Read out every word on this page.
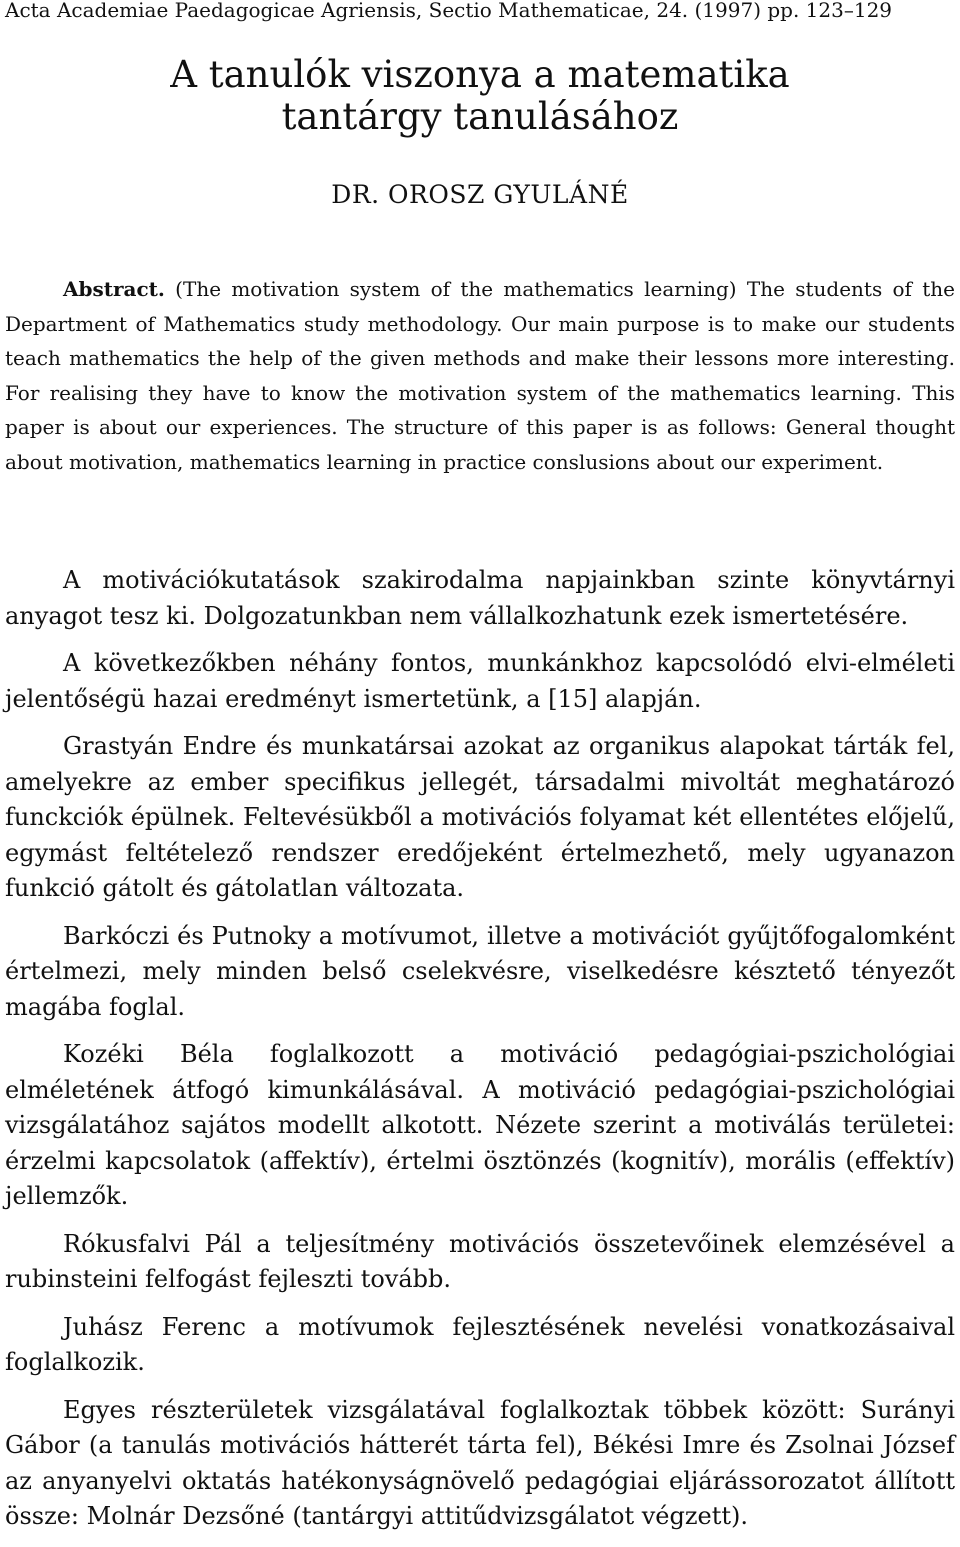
Acta Academiae Paedagogicae Agriensis, Sectio Mathematicae, 24. (1997) pp. 123–129
A tanulók viszonya a matematika
tantárgy tanulásához
DR. OROSZ GYULÁNÉ
Abstract. (The motivation system of the mathematics learning) The students of the Department of Mathematics study methodology. Our main purpose is to make our students teach mathematics the help of the given methods and make their lessons more interesting. For realising they have to know the motivation system of the mathematics learning. This paper is about our experiences. The structure of this paper is as follows: General thought about motivation, mathematics learning in practice conslusions about our experiment.

A motivációkutatások szakirodalma napjainkban szinte könyvtárnyi anyagot tesz ki. Dolgozatunkban nem vállalkozhatunk ezek ismertetésére.

A következőkben néhány fontos, munkánkhoz kapcsolódó elvi-elméleti jelentőségü hazai eredményt ismertetünk, a [15] alapján.

Grastyán Endre és munkatársai azokat az organikus alapokat tárták fel, amelyekre az ember specifikus jellegét, társadalmi mivoltát meghatározó funckciók épülnek. Feltevésükből a motivációs folyamat két ellentétes előjelű, egymást feltételező rendszer eredőjeként értelmezhető, mely ugyanazon funkció gátolt és gátolatlan változata.

Barkóczi és Putnoky a motívumot, illetve a motivációt gyűjtőfogalomként értelmezi, mely minden belső cselekvésre, viselkedésre késztető tényezőt magába foglal.

Kozéki Béla foglalkozott a motiváció pedagógiai-pszichológiai elméletének átfogó kimunkálásával. A motiváció pedagógiai-pszichológiai vizsgálatához sajátos modellt alkotott. Nézete szerint a motiválás területei: érzelmi kapcsolatok (affektív), értelmi ösztönzés (kognitív), morális (effektív) jellemzők.

Rókusfalvi Pál a teljesítmény motivációs összetevőinek elemzésével a rubinsteini felfogást fejleszti tovább.

Juhász Ferenc a motívumok fejlesztésének nevelési vonatkozásaival foglalkozik.

Egyes részterületek vizsgálatával foglalkoztak többek között: Surányi Gábor (a tanulás motivációs hátterét tárta fel), Békési Imre és Zsolnai József az anyanyelvi oktatás hatékonyságnövelő pedagógiai eljárássorozatot állított össze: Molnár Dezsőné (tantárgyi attitűdvizsgálatot végzett).
